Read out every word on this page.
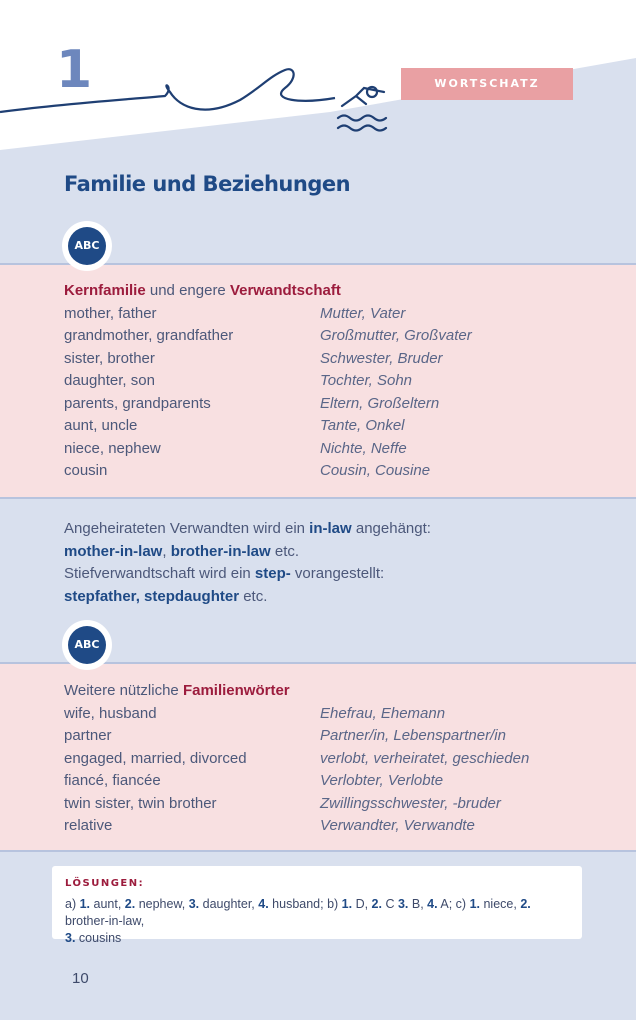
1	WORTSCHATZ
Familie und Beziehungen
ABC
Kernfamilie und engere Verwandtschaft
mother, father	Mutter, Vater
grandmother, grandfather	Großmutter, Großvater
sister, brother	Schwester, Bruder
daughter, son	Tochter, Sohn
parents, grandparents	Eltern, Großeltern
aunt, uncle	Tante, Onkel
niece, nephew	Nichte, Neffe
cousin	Cousin, Cousine
Angeheirateten Verwandten wird ein in-law angehängt:
mother-in-law, brother-in-law etc.
Stiefverwandtschaft wird ein step- vorangestellt:
stepfather, stepdaughter etc.
ABC
Weitere nützliche Familienwörter
wife, husband	Ehefrau, Ehemann
partner	Partner/in, Lebenspartner/in
engaged, married, divorced	verlobt, verheiratet, geschieden
fiancé, fiancée	Verlobter, Verlobte
twin sister, twin brother	Zwillingsschwester, -bruder
relative	Verwandter, Verwandte
LÖSUNGEN:
a) 1. aunt, 2. nephew, 3. daughter, 4. husband; b) 1. D, 2. C 3. B, 4. A; c) 1. niece, 2. brother-in-law,
3. cousins
10
